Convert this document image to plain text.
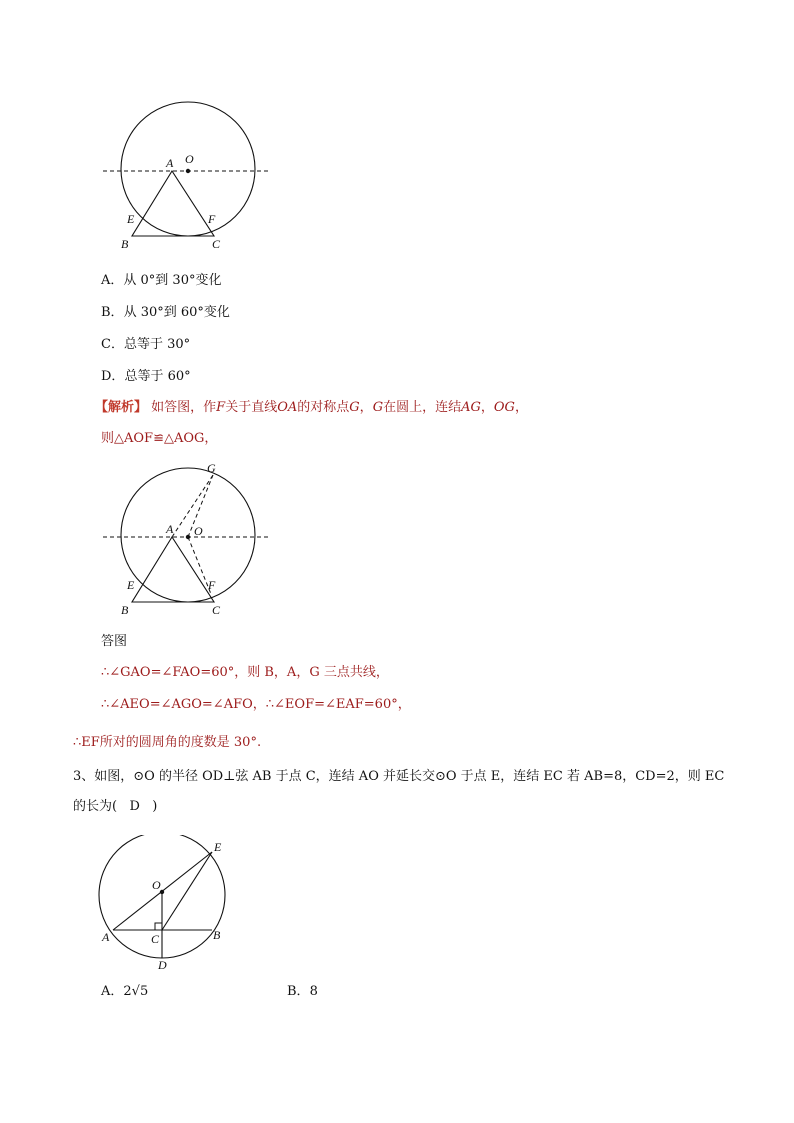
A O
E	F
B	C
A．从 0°到 30°变化
B．从 30°到 60°变化
C．总等于 30°
D．总等于 60°
【解析】 如答图，作F关于直线OA的对称点G，G在圆上，连结AG，OG，
则△AOF≌△AOG，
G
A O
E	F
B	C
答图
∴∠GAO=∠FAO=60°，则 B，A，G 三点共线，
∴∠AEO=∠AGO=∠AFO，∴∠EOF=∠EAF=60°，
∴EF所对的圆周角的度数是 30°.
3、如图，⊙O 的半径 OD⊥弦 AB 于点 C，连结 AO 并延长交⊙O 于点 E，连结 EC 若 AB=8，CD=2，则 EC
的长为(   D   )
E
O
A	C	B
D
A．2√5	B．8
